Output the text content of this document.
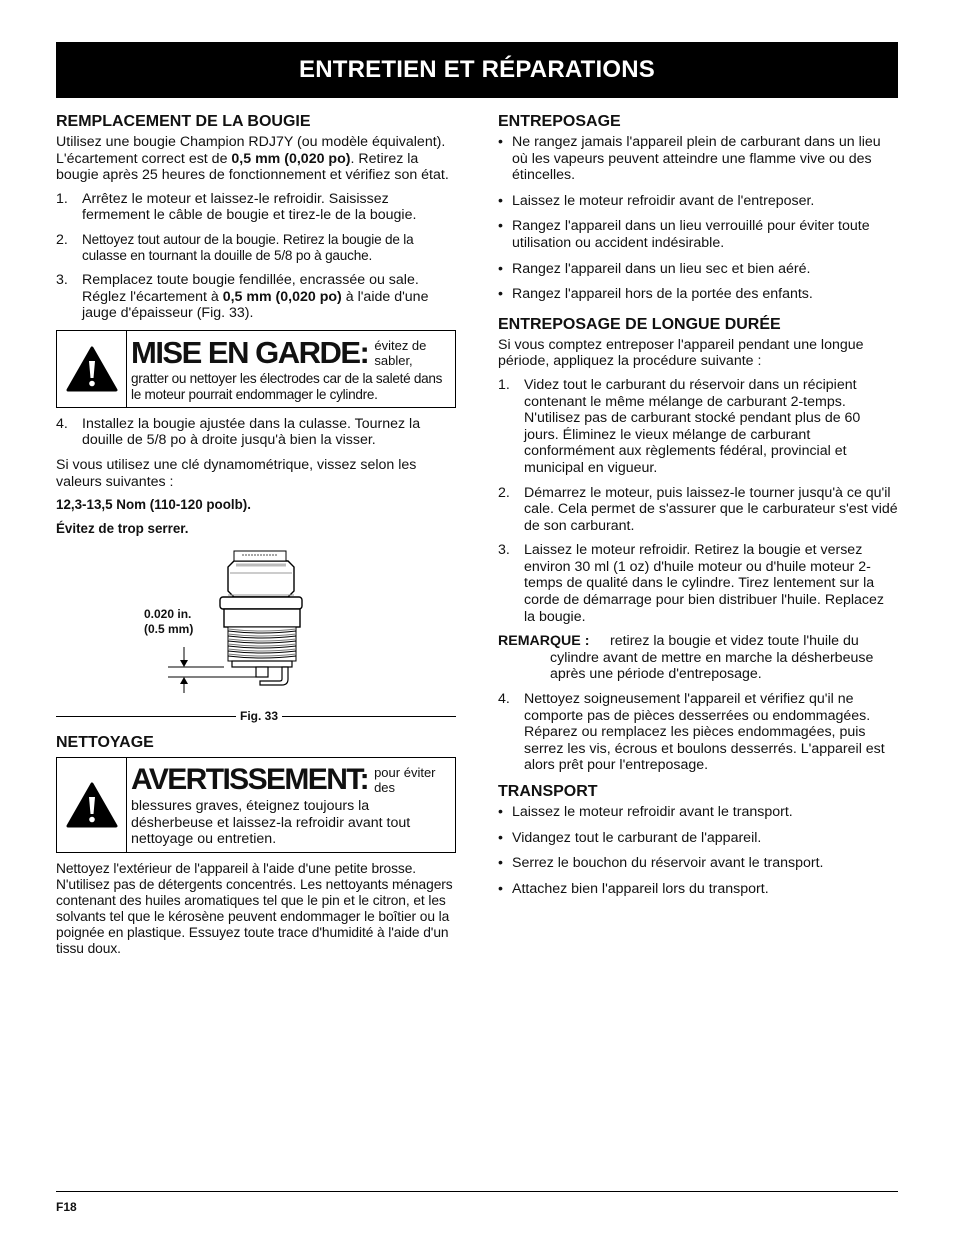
ENTRETIEN ET RÉPARATIONS
REMPLACEMENT DE LA BOUGIE

Utilisez une bougie Champion RDJ7Y (ou modèle équivalent). L'écartement correct est de 0,5 mm (0,020 po). Retirez la bougie après 25 heures de fonctionnement et vérifiez son état.

1. Arrêtez le moteur et laissez-le refroidir. Saisissez fermement le câble de bougie et tirez-le de la bougie.
2.	Nettoyez tout autour de la bougie. Retirez la bougie de la culasse en tournant la douille de 5/8 po à gauche.
3. Remplacez toute bougie fendillée, encrassée ou sale. Réglez l'écartement à 0,5 mm (0,020 po) à l'aide d'une jauge d'épaisseur (Fig. 33).
MISE EN GARDE: évitez de sabler,
gratter ou nettoyer les électrodes car de la saleté dans le moteur pourrait endommager le cylindre.
4. Installez la bougie ajustée dans la culasse. Tournez la douille de 5/8 po à droite jusqu'à bien la visser.

Si vous utilisez une clé dynamométrique, vissez selon les valeurs suivantes :

12,3-13,5 Nom (110-120 poolb).

Évitez de trop serrer.

0.020 in.
(0.5 mm)
Fig. 33
NETTOYAGE
AVERTISSEMENT: pour éviter des
blessures graves, éteignez toujours la désherbeuse et laissez-la refroidir avant tout nettoyage ou entretien.

Nettoyez l'extérieur de l'appareil à l'aide d'une petite brosse. N'utilisez pas de détergents concentrés. Les nettoyants ménagers contenant des huiles aromatiques tel que le pin et le citron, et les solvants tel que le kérosène peuvent endommager le boîtier ou la poignée en plastique. Essuyez toute trace d'humidité à l'aide d'un tissu doux.

ENTREPOSAGE
• Ne rangez jamais l'appareil plein de carburant dans un lieu où les vapeurs peuvent atteindre une flamme vive ou des étincelles.
• Laissez le moteur refroidir avant de l'entreposer.
• Rangez l'appareil dans un lieu verrouillé pour éviter toute utilisation ou accident indésirable.
• Rangez l'appareil dans un lieu sec et bien aéré.
• Rangez l'appareil hors de la portée des enfants.
ENTREPOSAGE DE LONGUE DURÉE

Si vous comptez entreposer l'appareil pendant une longue période, appliquez la procédure suivante :

1. Videz tout le carburant du réservoir dans un récipient contenant le même mélange de carburant 2-temps. N'utilisez pas de carburant stocké pendant plus de 60 jours. Éliminez le vieux mélange de carburant conformément aux règlements fédéral, provincial et municipal en vigueur.
2. Démarrez le moteur, puis laissez-le tourner jusqu'à ce qu'il cale. Cela permet de s'assurer que le carburateur s'est vidé de son carburant.
3. Laissez le moteur refroidir. Retirez la bougie et versez environ 30 ml (1 oz) d'huile moteur ou d'huile moteur 2-temps de qualité dans le cylindre. Tirez lentement sur la corde de démarrage pour bien distribuer l'huile. Replacez la bougie.
REMARQUE : retirez la bougie et videz toute l'huile du
cylindre avant de mettre en marche la désherbeuse après une période d'entreposage.
4. Nettoyez soigneusement l'appareil et vérifiez qu'il ne comporte pas de pièces desserrées ou endommagées. Réparez ou remplacez les pièces endommagées, puis serrez les vis, écrous et boulons desserrés. L'appareil est alors prêt pour l'entreposage.
TRANSPORT
• Laissez le moteur refroidir avant le transport.
• Vidangez tout le carburant de l'appareil.
• Serrez le bouchon du réservoir avant le transport.
• Attachez bien l'appareil lors du transport.
F18
